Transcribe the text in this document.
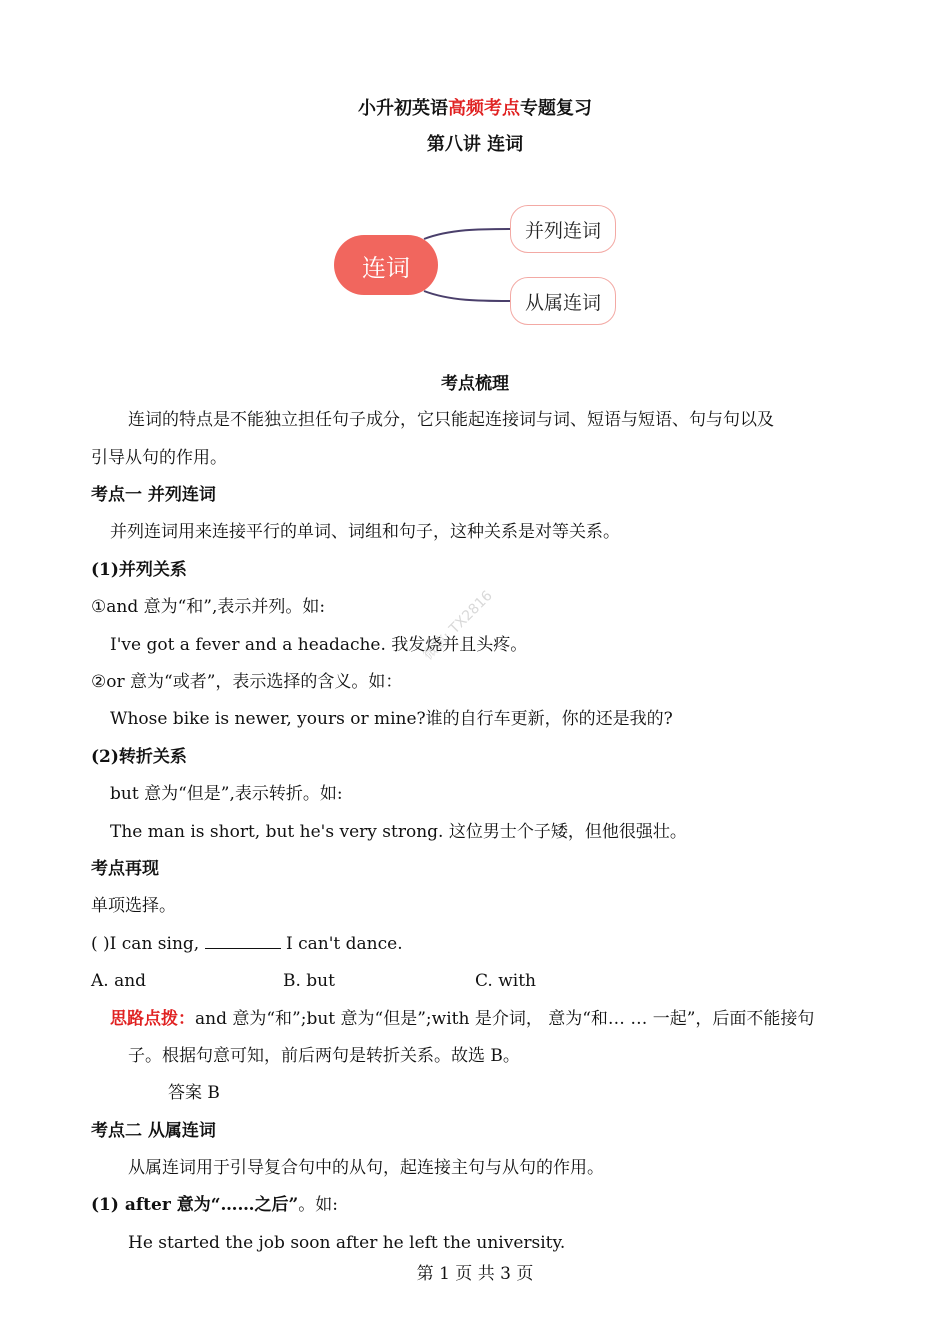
小升初英语高频考点专题复习
第八讲 连词
连词
并列连词
从属连词
微信: TX2816
考点梳理
连词的特点是不能独立担任句子成分，它只能起连接词与词、短语与短语、句与句以及
引导从句的作用。
考点一 并列连词
并列连词用来连接平行的单词、词组和句子，这种关系是对等关系。
(1)并列关系
①and 意为“和”,表示并列。如:
I've got a fever and a headache. 我发烧并且头疼。
②or 意为“或者”，表示选择的含义。如：
Whose bike is newer, yours or mine?谁的自行车更新，你的还是我的?
(2)转折关系
but 意为“但是”,表示转折。如:
The man is short, but he's very strong. 这位男士个子矮，但他很强壮。
考点再现
单项选择。
( )I can sing,	I can't dance.
A. and	B. but	C. with
思路点拨：and 意为“和”;but 意为“但是”;with 是介词， 意为“和… … 一起”，后面不能接句
子。根据句意可知，前后两句是转折关系。故选 B。
答案 B
考点二 从属连词
从属连词用于引导复合句中的从句，起连接主句与从句的作用。
(1) after 意为“……之后”。如:
He started the job soon after he left the university.
第 1 页 共 3 页
